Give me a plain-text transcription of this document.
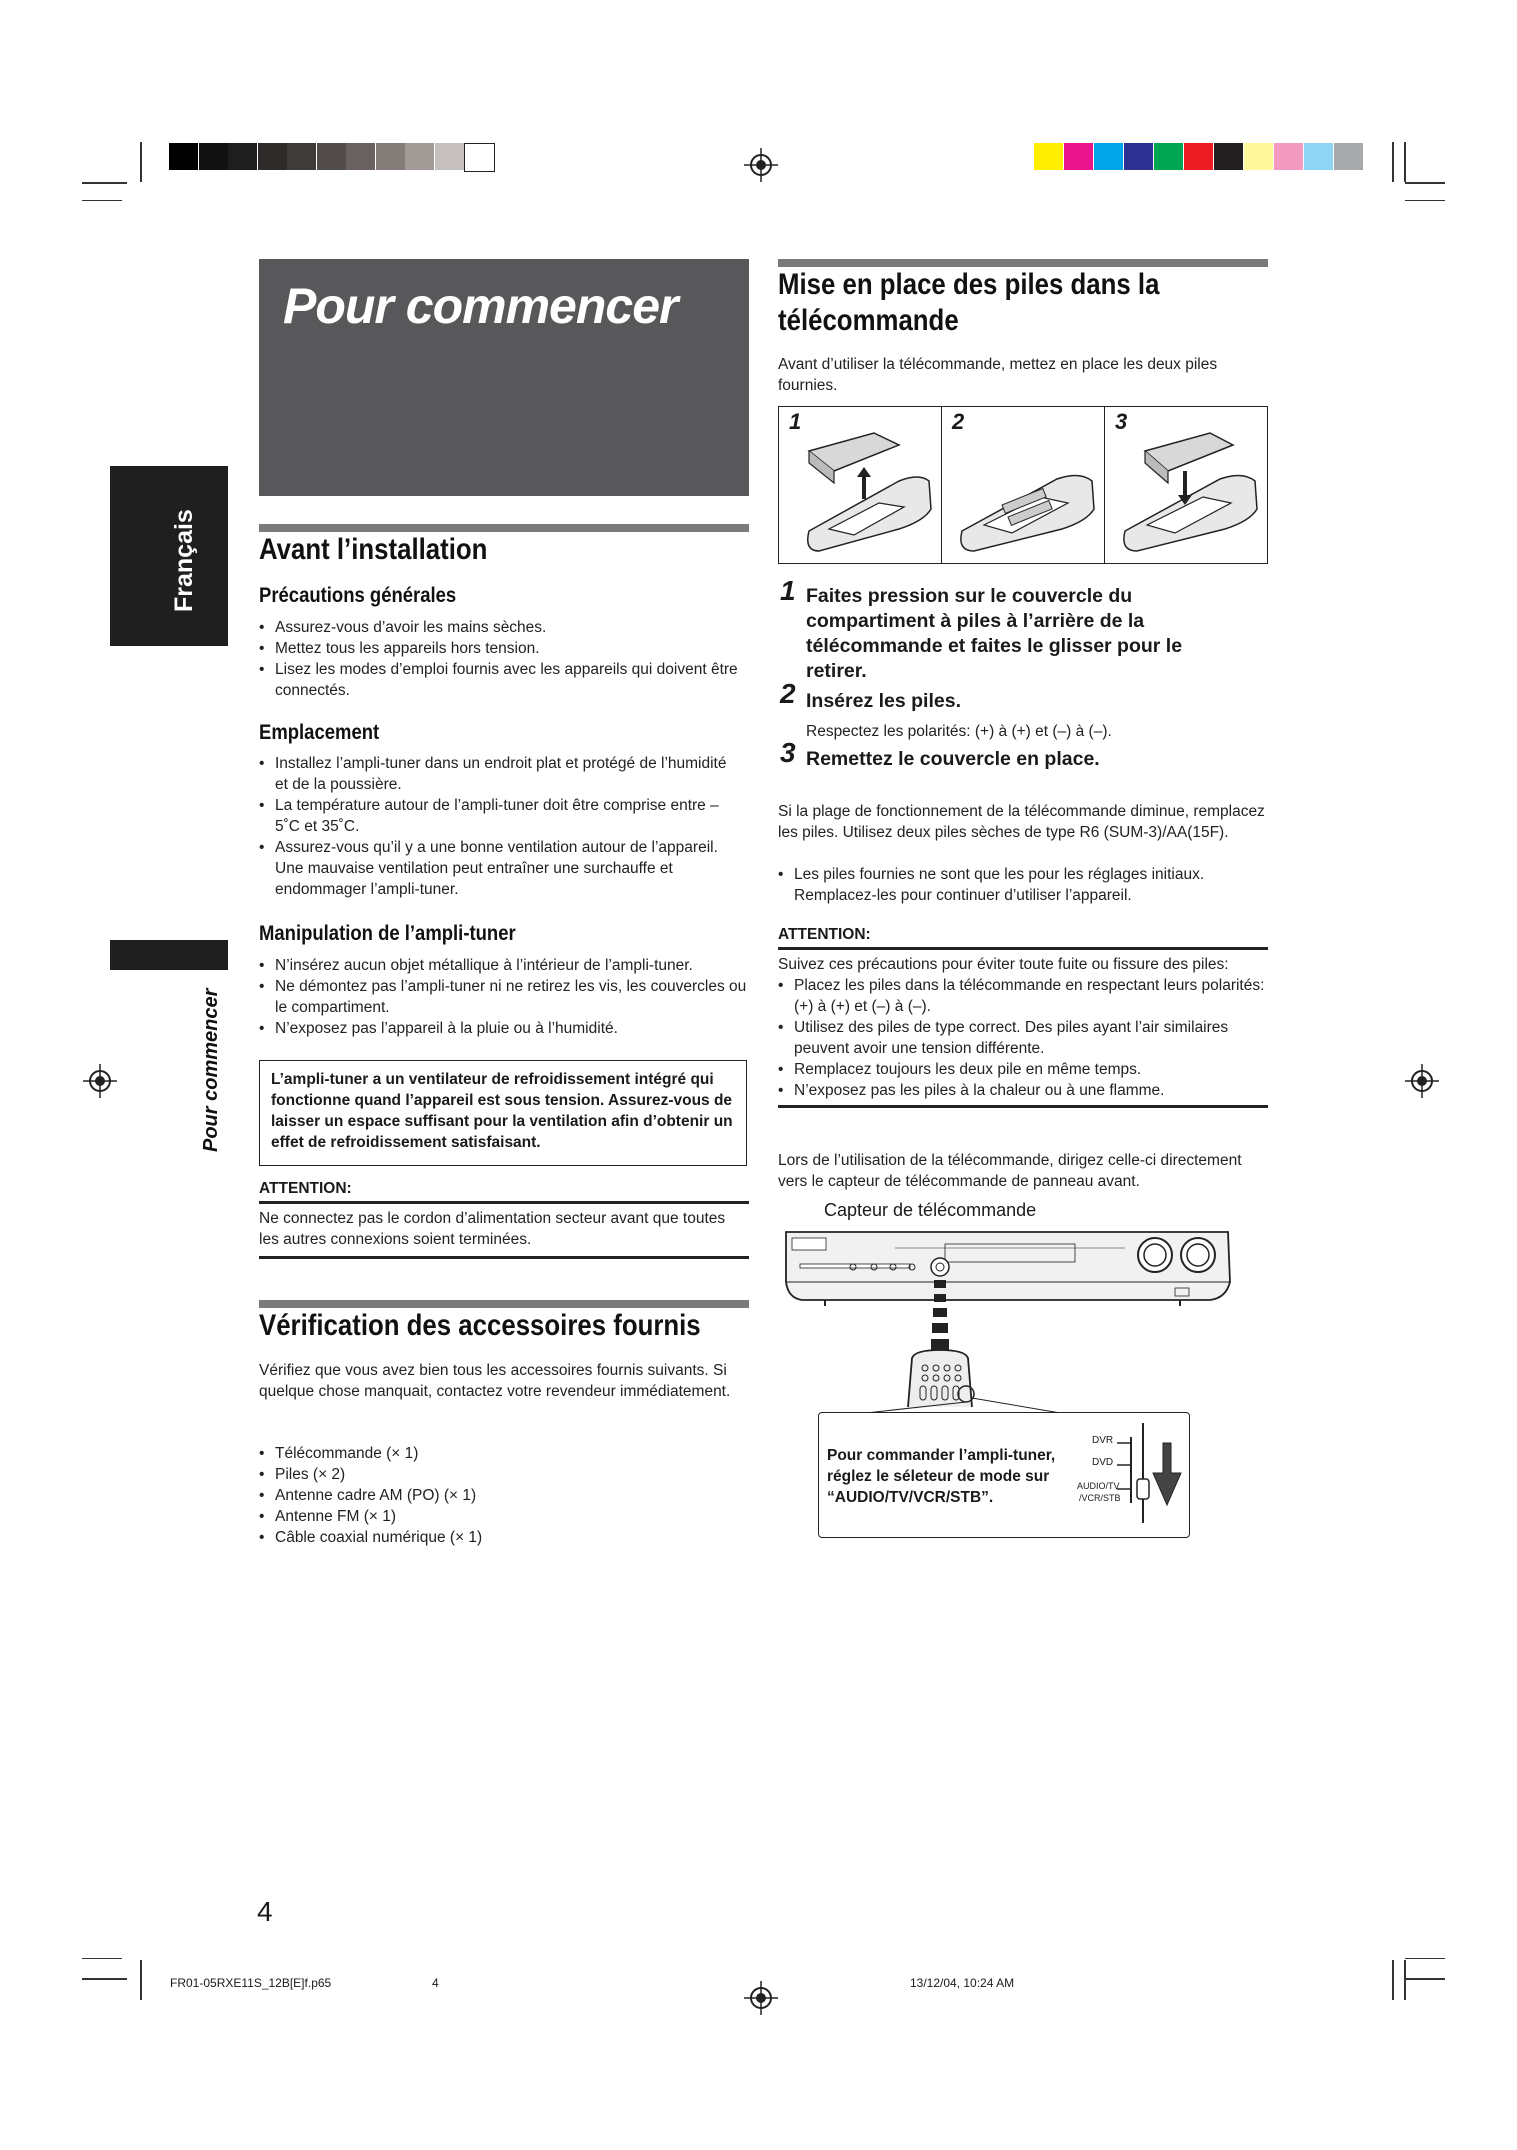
Français
Pour commencer
Pour commencer
Avant l’installation
Précautions générales
• Assurez-vous d’avoir les mains sèches.
• Mettez tous les appareils hors tension.
• Lisez les modes d’emploi fournis avec les appareils qui doivent être connectés.
Emplacement
• Installez l’ampli-tuner dans un endroit plat et protégé de l’humidité et de la poussière.
• La température autour de l’ampli-tuner doit être comprise entre –5˚C et 35˚C.
• Assurez-vous qu’il y a une bonne ventilation autour de l’appareil. Une mauvaise ventilation peut entraîner une surchauffe et endommager l’ampli-tuner.
Manipulation de l’ampli-tuner
• N’insérez aucun objet métallique à l’intérieur de l’ampli-tuner.
• Ne démontez pas l’ampli-tuner ni ne retirez les vis, les couvercles ou le compartiment.
• N’exposez pas l’appareil à la pluie ou à l’humidité.
L’ampli-tuner a un ventilateur de refroidissement intégré qui fonctionne quand l’appareil est sous tension. Assurez-vous de laisser un espace suffisant pour la ventilation afin d’obtenir un effet de refroidissement satisfaisant.
ATTENTION:
Ne connectez pas le cordon d’alimentation secteur avant que toutes les autres connexions soient terminées.
Vérification des accessoires fournis
Vérifiez que vous avez bien tous les accessoires fournis suivants. Si quelque chose manquait, contactez votre revendeur immédiatement.
• Télécommande (× 1)
• Piles (× 2)
• Antenne cadre AM (PO) (× 1)
• Antenne FM (× 1)
• Câble coaxial numérique (× 1)
Mise en place des piles dans la
télécommande
Avant d’utiliser la télécommande, mettez en place les deux piles fournies.
1	2	3
1 Faites pression sur le couvercle du compartiment à piles à l’arrière de la télécommande et faites le glisser pour le retirer.
2 Insérez les piles.
Respectez les polarités: (+) à (+) et (–) à (–).
3 Remettez le couvercle en place.
Si la plage de fonctionnement de la télécommande diminue, remplacez les piles. Utilisez deux piles sèches de type R6 (SUM-3)/AA(15F).
• Les piles fournies ne sont que les pour les réglages initiaux. Remplacez-les pour continuer d’utiliser l’appareil.
ATTENTION:
Suivez ces précautions pour éviter toute fuite ou fissure des piles:
• Placez les piles dans la télécommande en respectant leurs polarités: (+) à (+) et (–) à (–).
• Utilisez des piles de type correct. Des piles ayant l’air similaires peuvent avoir une tension différente.
• Remplacez toujours les deux pile en même temps.
• N’exposez pas les piles à la chaleur ou à une flamme.
Lors de l’utilisation de la télécommande, dirigez celle-ci directement vers le capteur de télécommande de panneau avant.
Capteur de télécommande
Pour commander l’ampli-tuner, réglez le séleteur de mode sur “AUDIO/TV/VCR/STB”.
DVR
DVD
AUDIO/TV
/VCR/STB
4
FR01-05RXE11S_12B[E]f.p65	4	13/12/04, 10:24 AM
